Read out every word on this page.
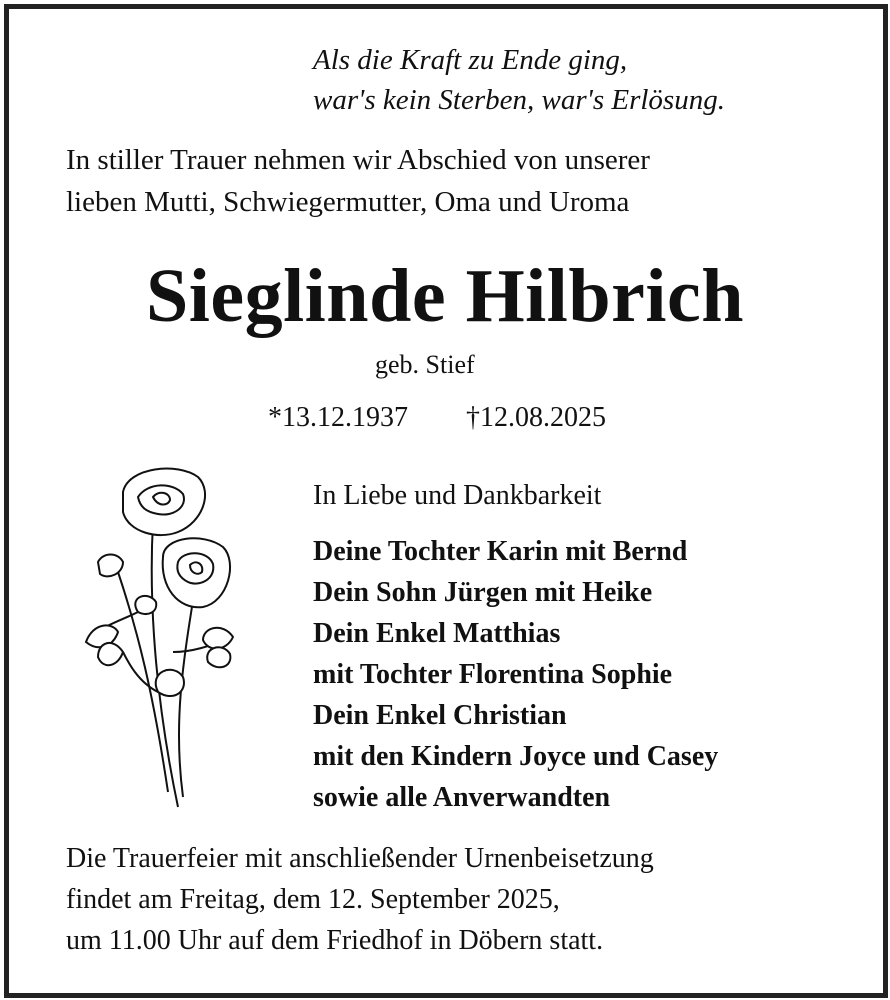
Als die Kraft zu Ende ging,
war's kein Sterben, war's Erlösung.
In stiller Trauer nehmen wir Abschied von unserer
lieben Mutti, Schwiegermutter, Oma und Uroma
Sieglinde Hilbrich
geb. Stief
*13.12.1937 †12.08.2025
In Liebe und Dankbarkeit
Deine Tochter Karin mit Bernd
Dein Sohn Jürgen mit Heike
Dein Enkel Matthias
mit Tochter Florentina Sophie
Dein Enkel Christian
mit den Kindern Joyce und Casey
sowie alle Anverwandten
Die Trauerfeier mit anschließender Urnenbeisetzung
findet am Freitag, dem 12. September 2025,
um 11.00 Uhr auf dem Friedhof in Döbern statt.
